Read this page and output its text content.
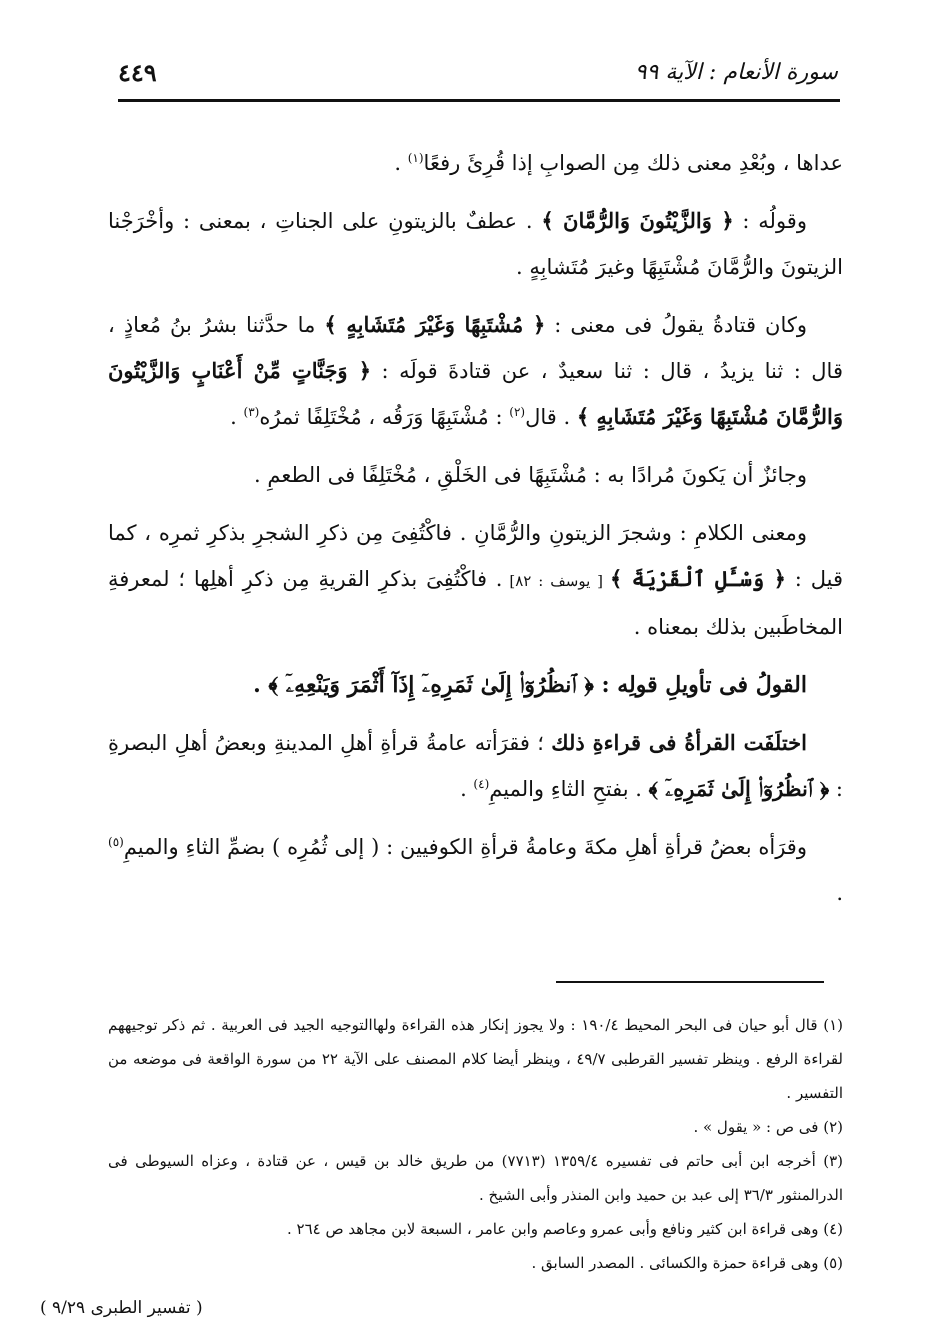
سورة الأنعام : الآية ٩٩
٤٤٩

عداها ، وبُعْدِ معنى ذلك مِن الصوابِ إذا قُرِئَ رفعًا$^{(١)}$ .

وقولُه : ﴿ وَالزَّيْتُونَ وَالرُّمَّانَ ﴾ . عطفٌ بالزيتونِ على الجناتِ ، بمعنى : وأخْرَجْنا الزيتونَ والرُّمَّانَ مُشْتَبِهًا وغيرَ مُتَشابِهٍ .

وكان قتادةُ يقولُ فى معنى : ﴿ مُشْتَبِهًا وَغَيْرَ مُتَشَابِهٍ ﴾ ما حدَّثنا بشرُ بنُ مُعاذٍ ، قال : ثنا يزيدُ ، قال : ثنا سعيدٌ ، عن قتادةَ قولَه : ﴿ وَجَنَّاتٍ مِّنْ أَعْنَابٍ وَالزَّيْتُونَ وَالرُّمَّانَ مُشْتَبِهًا وَغَيْرَ مُتَشَابِهٍ ﴾ . قال$^{(٢)}$ : مُشْتَبِهًا وَرَقُه ، مُخْتَلِفًا ثمرُه$^{(٣)}$ .

وجائزٌ أن يَكونَ مُرادًا به : مُشْتَبِهًا فى الخَلْقِ ، مُخْتَلِفًا فى الطعمِ .

ومعنى الكلامِ : وشجرَ الزيتونِ والرُّمَّانِ . فاكْتُفِىَ مِن ذكرِ الشجرِ بذكرِ ثمرِه ، كما قيل : ﴿ وَسْـَٔلِ ٱلْقَرْيَةَ ﴾ [ يوسف : ٨٢] . فاكْتُفِىَ بذكرِ القريةِ مِن ذكرِ أهلِها ؛ لمعرفةِ المخاطَبين بذلك بمعناه .

القولُ فى تأويلِ قولِه : ﴿ ٱنظُرُوٓا۟ إِلَىٰ ثَمَرِهِۦٓ إِذَآ أَثْمَرَ وَيَنْعِهِۦٓ ﴾ .

اختلَفَت القرأةُ فى قراءةِ ذلك ؛ فقرَأته عامةُ قرأةِ أهلِ المدينةِ وبعضُ أهلِ البصرةِ : ﴿ ٱنظُرُوٓا۟ إِلَىٰ ثَمَرِهِۦٓ ﴾ . بفتحِ الثاءِ والميمِ$^{(٤)}$ .

وقرَأه بعضُ قرأةِ أهلِ مكةَ وعامةُ قرأةِ الكوفيين : ( إلى ثُمُرِه ) بضمِّ الثاءِ والميمِ$^{(٥)}$ .

(١) قال أبو حيان فى البحر المحيط ١٩٠/٤ : ولا يجوز إنكار هذه القراءة ولهاالتوجيه الجيد فى العربية . ثم ذكر توجيههم لقراءة الرفع . وينظر تفسير القرطبى ٤٩/٧ ، وينظر أيضا كلام المصنف على الآية ٢٢ من سورة الواقعة فى موضعه من التفسير .

(٢) فى ص : « يقول » .

(٣) أخرجه ابن أبى حاتم فى تفسيره ١٣٥٩/٤ (٧٧١٣) من طريق خالد بن قيس ، عن قتادة ، وعزاه السيوطى فى الدرالمنثور ٣٦/٣ إلى عبد بن حميد وابن المنذر وأبى الشيخ .

(٤) وهى قراءة ابن كثير ونافع وأبى عمرو وعاصم وابن عامر ، السبعة لابن مجاهد ص ٢٦٤ .

(٥) وهى قراءة حمزة والكسائى . المصدر السابق .

( تفسير الطبرى ٩/٢٩ )
